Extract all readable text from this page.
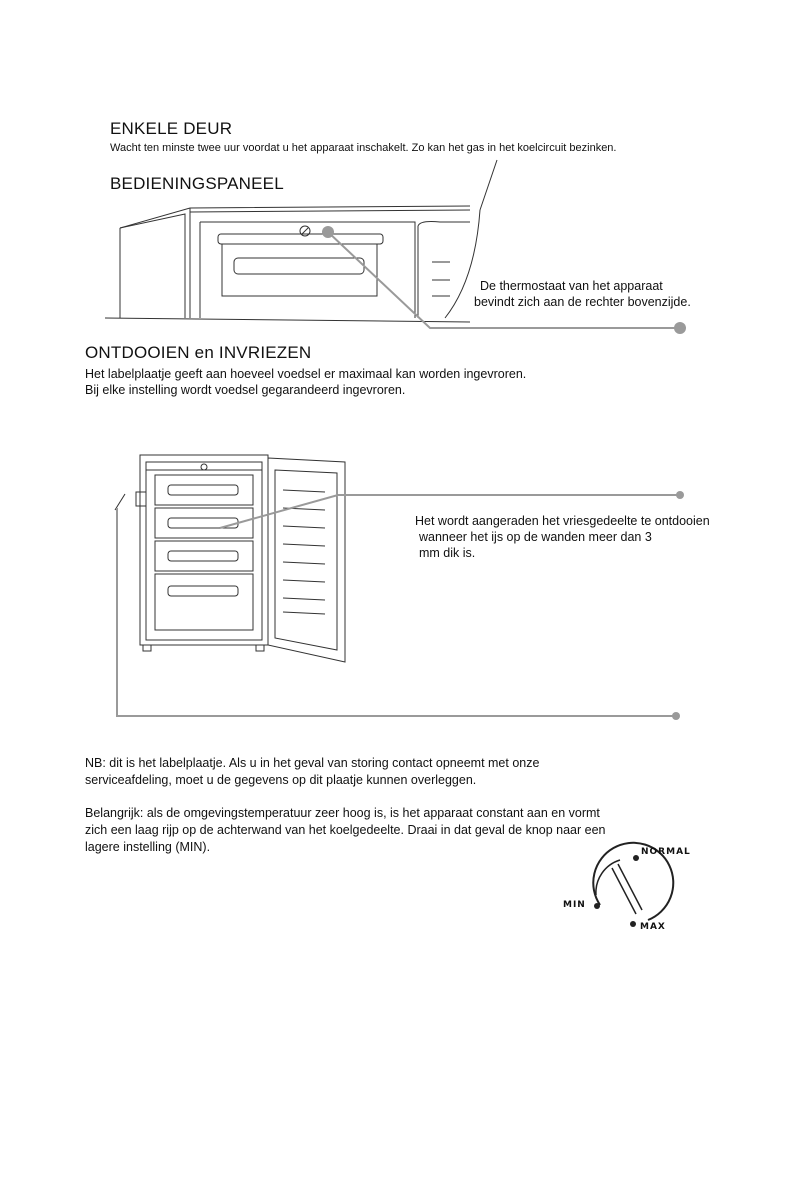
ENKELE DEUR
Wacht ten minste twee uur voordat u het apparaat inschakelt. Zo kan het gas in het koelcircuit bezinken.
BEDIENINGSPANEEL
De thermostaat van het apparaat
bevindt zich aan de rechter bovenzijde.
ONTDOOIEN en INVRIEZEN
Het labelplaatje geeft aan hoeveel voedsel er maximaal kan worden ingevroren.
Bij elke instelling wordt voedsel gegarandeerd ingevroren.
Het wordt aangeraden het vriesgedeelte te ontdooien
wanneer het ijs op de wanden meer dan 3
mm dik is.
NB: dit is het labelplaatje. Als u in het geval van storing contact opneemt met onze
serviceafdeling, moet u de gegevens op dit plaatje kunnen overleggen.
Belangrijk: als de omgevingstemperatuur zeer hoog is, is het apparaat constant aan en vormt
zich een laag rijp op de achterwand van het koelgedeelte. Draai in dat geval de knop naar een
lagere instelling (MIN).	NORMAL
MIN
MAX
